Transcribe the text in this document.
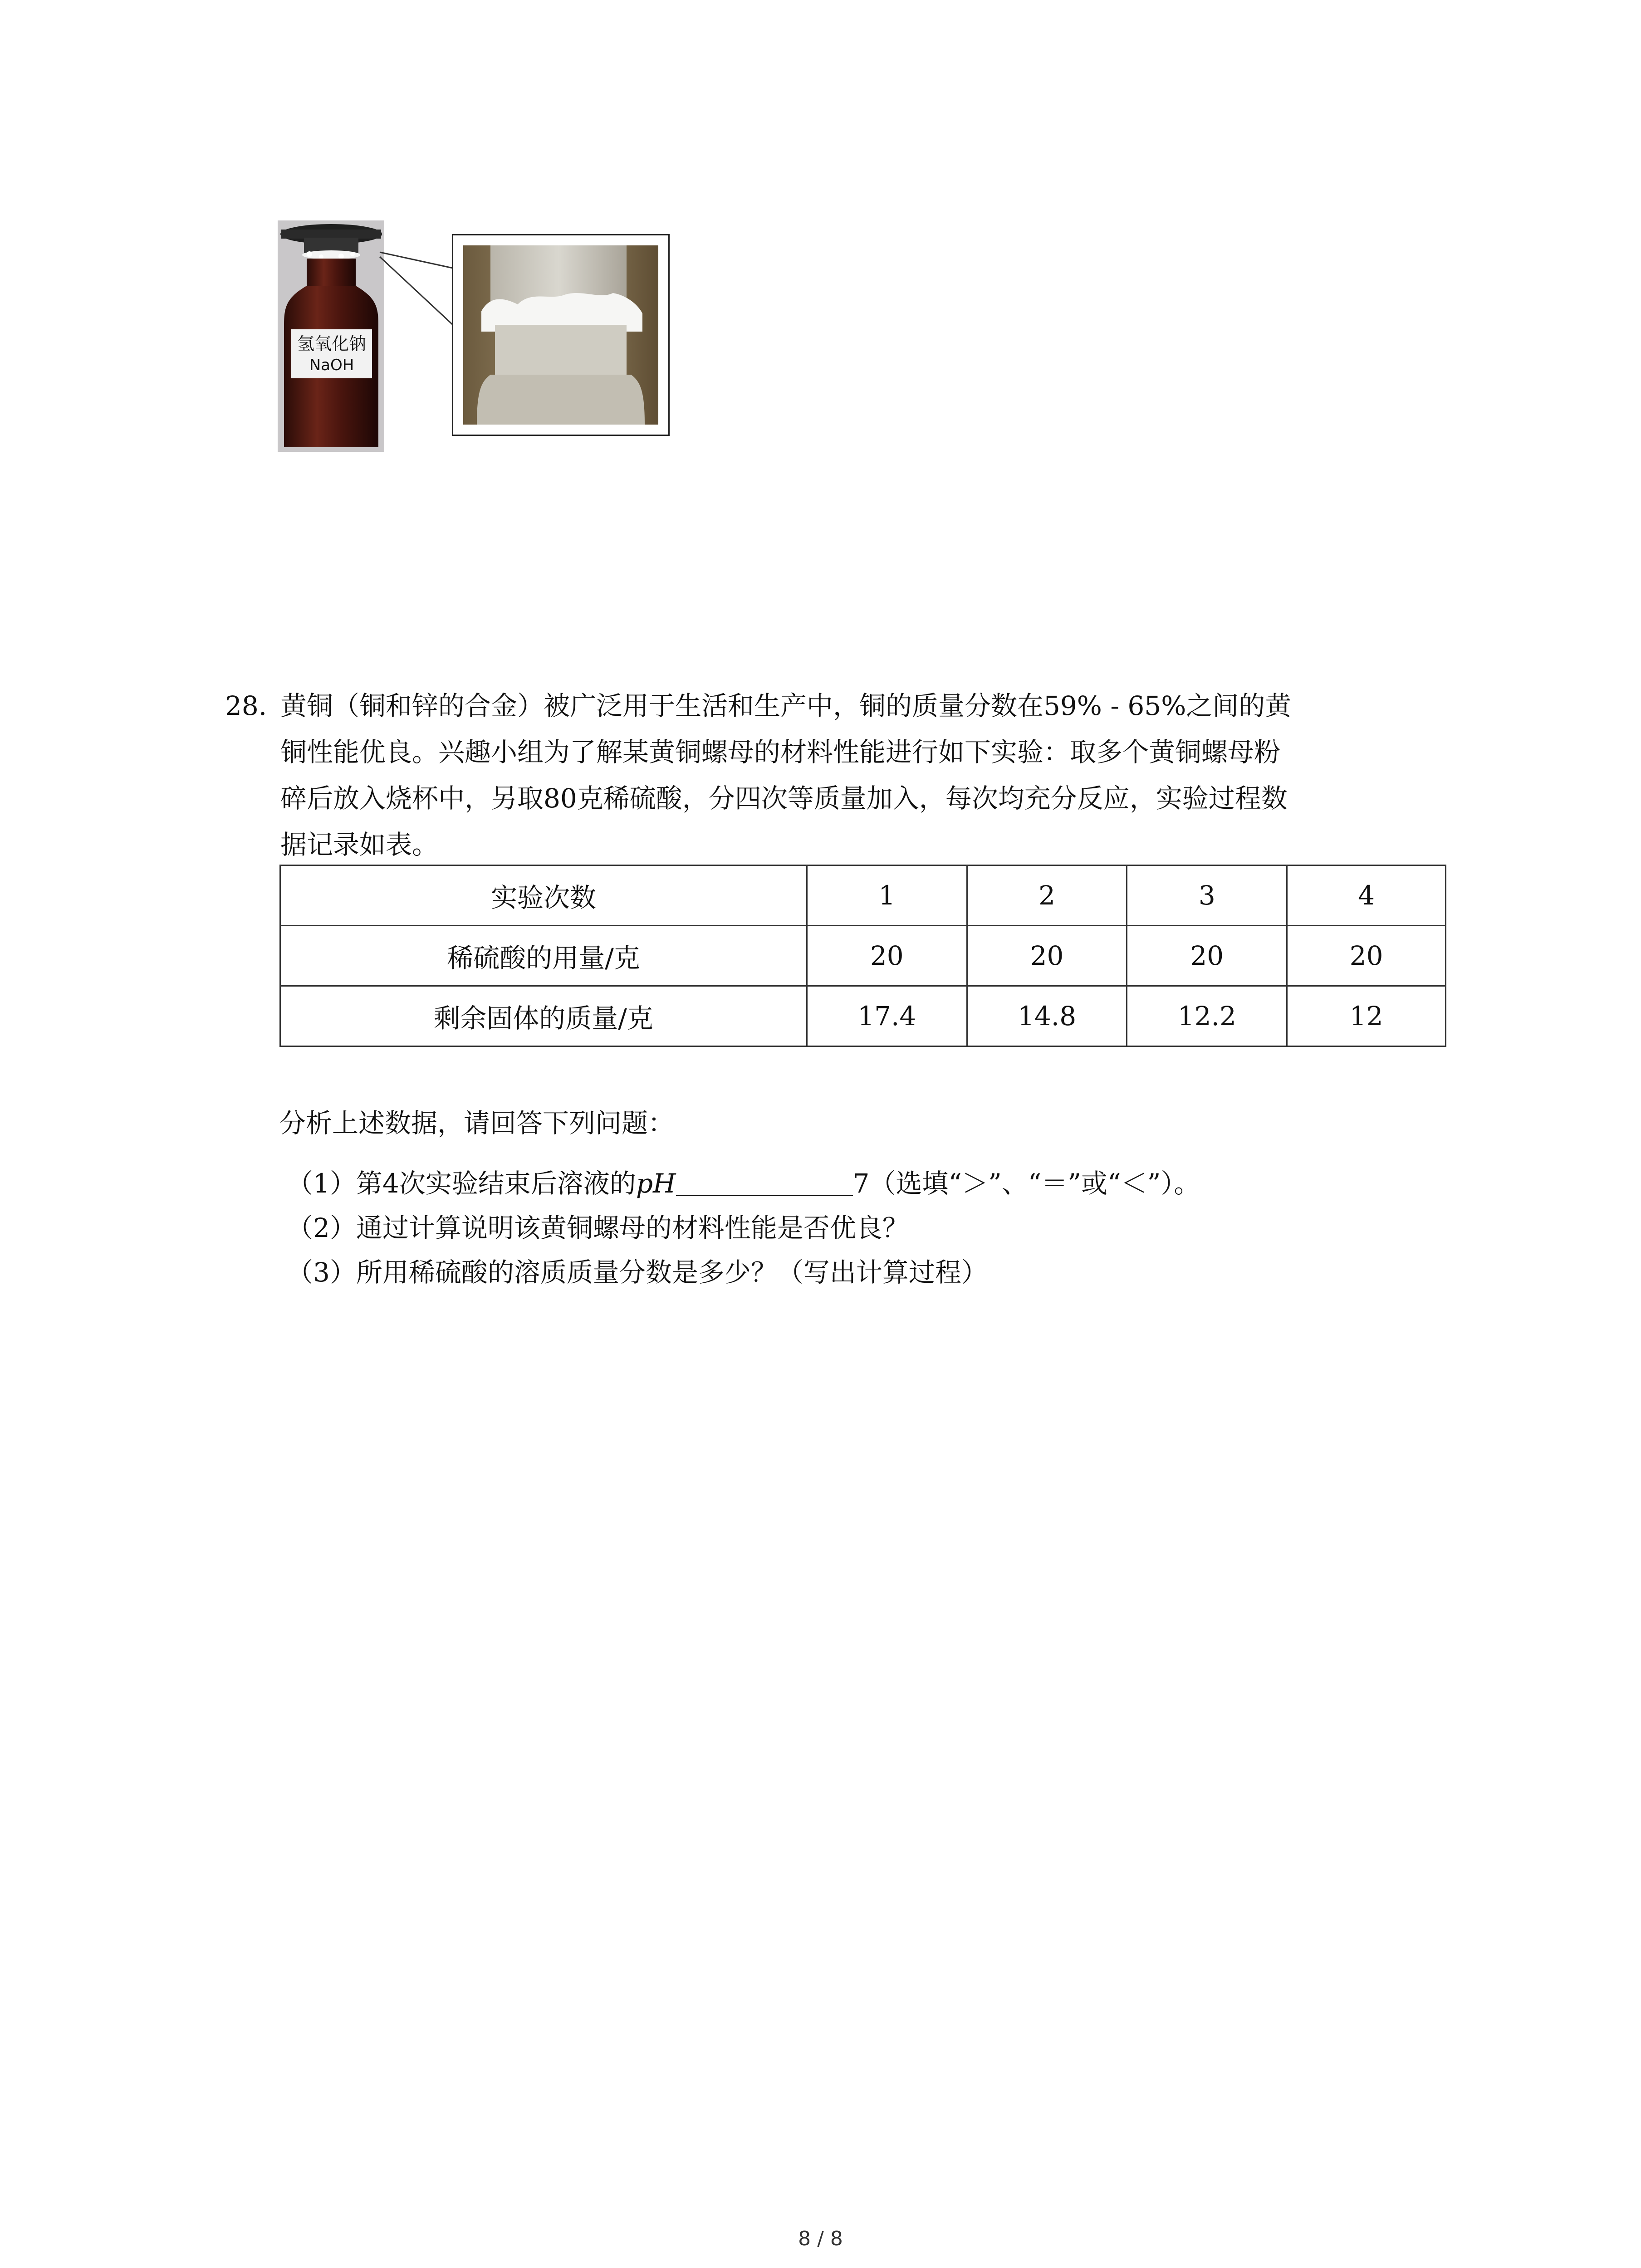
氢氧化钠
NaOH
28. 黄铜（铜和锌的合金）被广泛用于生活和生产中，铜的质量分数在59% - 65%之间的黄
铜性能优良。兴趣小组为了解某黄铜螺母的材料性能进行如下实验：取多个黄铜螺母粉
碎后放入烧杯中，另取80克稀硫酸，分四次等质量加入，每次均充分反应，实验过程数
据记录如表。
实验次数	1	2	3	4
稀硫酸的用量/克	20	20	20	20
剩余固体的质量/克	17.4	14.8	12.2	12
分析上述数据，请回答下列问题：
（1）第4次实验结束后溶液的pH	7（选填“＞”、“＝”或“＜”）。
（2）通过计算说明该黄铜螺母的材料性能是否优良？
（3）所用稀硫酸的溶质质量分数是多少？（写出计算过程）
8 / 8
